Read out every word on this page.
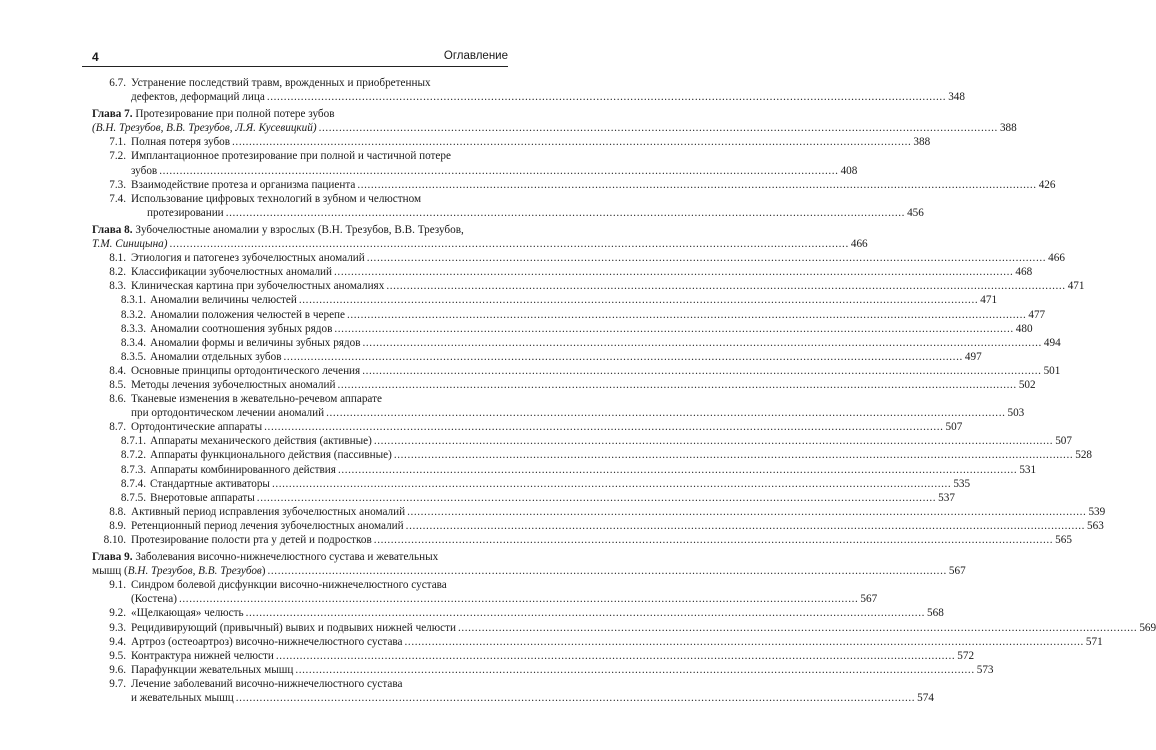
4	Оглавление
6.7. Устранение последствий травм, врожденных и приобретенных
дефектов, деформаций лица .....	348
Глава 7. Протезирование при полной потере зубов
(В.Н. Трезубов, В.В. Трезубов, Л.Я. Кусевицкий) .....	388
7.1. Полная потеря зубов .....	388
7.2. Имплантационное протезирование при полной и частичной потере
зубов .....	408
7.3. Взаимодействие протеза и организма пациента .....	426
7.4. Использование цифровых технологий в зубном и челюстном
протезировании .....	456
Глава 8. Зубочелюстные аномалии у взрослых (В.Н. Трезубов, В.В. Трезубов,
Т.М. Синицына) .....	466
8.1. Этиология и патогенез зубочелюстных аномалий .....	466
8.2. Классификации зубочелюстных аномалий .....	468
8.3. Клиническая картина при зубочелюстных аномалиях .....	471
8.3.1. Аномалии величины челюстей .....	471
8.3.2. Аномалии положения челюстей в черепе .....	477
8.3.3. Аномалии соотношения зубных рядов .....	480
8.3.4. Аномалии формы и величины зубных рядов .....	494
8.3.5. Аномалии отдельных зубов .....	497
8.4. Основные принципы ортодонтического лечения .....	501
8.5. Методы лечения зубочелюстных аномалий .....	502
8.6. Тканевые изменения в жевательно-речевом аппарате
при ортодонтическом лечении аномалий .....	503
8.7. Ортодонтические аппараты .....	507
8.7.1. Аппараты механического действия (активные) .....	507
8.7.2. Аппараты функционального действия (пассивные) .....	528
8.7.3. Аппараты комбинированного действия .....	531
8.7.4. Стандартные активаторы .....	535
8.7.5. Внеротовые аппараты .....	537
8.8. Активный период исправления зубочелюстных аномалий .....	539
8.9. Ретенционный период лечения зубочелюстных аномалий .....	563
8.10. Протезирование полости рта у детей и подростков .....	565
Глава 9. Заболевания височно-нижнечелюстного сустава и жевательных
мышц (В.Н. Трезубов, В.В. Трезубов) .....	567
9.1. Синдром болевой дисфункции височно-нижнечелюстного сустава
(Костена) .....	567
9.2. «Щелкающая» челюсть .....	568
9.3. Рецидивирующий (привычный) вывих и подвывих нижней челюсти .....	569
9.4. Артроз (остеоартроз) височно-нижнечелюстного сустава .....	571
9.5. Контрактура нижней челюсти .....	572
9.6. Парафункции жевательных мышц .....	573
9.7. Лечение заболеваний височно-нижнечелюстного сустава
и жевательных мышц .....	574
